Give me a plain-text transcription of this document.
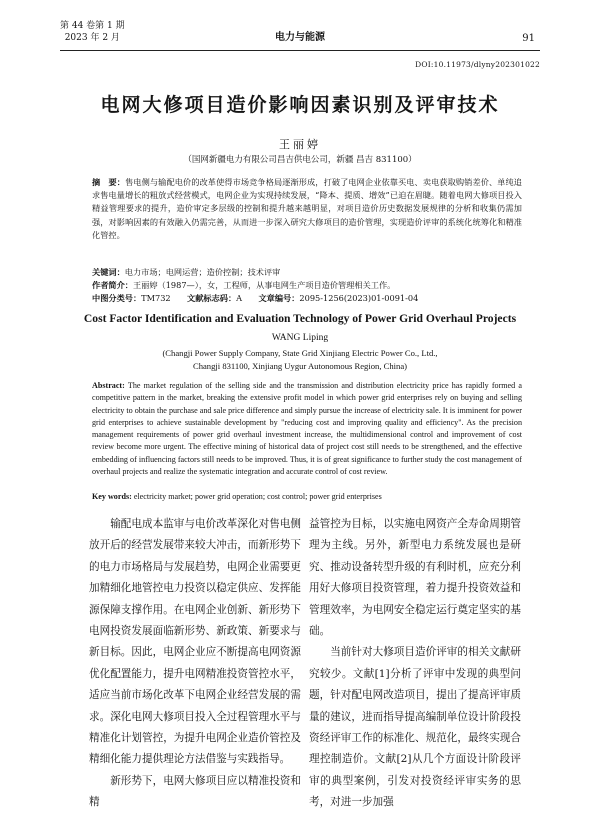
第 44 卷第 1 期
2023 年 2 月	电力与能源	91
DOI:10.11973/dlyny202301022
电网大修项目造价影响因素识别及评审技术
王丽婷
（国网新疆电力有限公司昌吉供电公司，新疆 昌吉 831100）
摘　要：售电侧与输配电价的改革使得市场竞争格局逐渐形成，打破了电网企业依靠买电、卖电获取购销差价、单纯追求售电量增长的粗放式经营模式，电网企业为实现持续发展，“降本、提质、增效”已迫在眉睫。随着电网大修项目投入精益管理要求的提升，造价审定多层级的控制和提升越来越明显，对项目造价历史数据发展规律的分析和收集仍需加强，对影响因素的有效融入仍需完善，从而进一步深入研究大修项目的造价管理，实现造价评审的系统化统筹化和精准化管控。
关键词：电力市场；电网运营；造价控制；技术评审
作者简介：王丽婷（1987—），女，工程师，从事电网生产项目造价管理相关工作。
中图分类号：TM732　　 文献标志码：A　　 文章编号：2095-1256(2023)01-0091-04
Cost Factor Identification and Evaluation Technology of Power Grid Overhaul Projects
WANG Liping
(Changji Power Supply Company, State Grid Xinjiang Electric Power Co., Ltd.,
Changji 831100, Xinjiang Uygur Autonomous Region, China)
Abstract: The market regulation of the selling side and the transmission and distribution electricity price has rapidly formed a competitive pattern in the market, breaking the extensive profit model in which power grid enterprises rely on buying and selling electricity to obtain the purchase and sale price difference and simply pursue the increase of electricity sale. It is imminent for power grid enterprises to achieve sustainable development by "reducing cost and improving quality and efficiency". As the precision management requirements of power grid overhaul investment increase, the multidimensional control and improvement of cost review become more urgent. The effective mining of historical data of project cost still needs to be strengthened, and the effective embedding of influencing factors still needs to be improved. Thus, it is of great significance to further study the cost management of overhaul projects and realize the systematic integration and accurate control of cost review.
Key words: electricity market; power grid operation; cost control; power grid enterprises

输配电成本监审与电价改革深化对售电侧放开后的经营发展带来较大冲击，而新形势下的电力市场格局与发展趋势，电网企业需要更加精细化地管控电力投资以稳定供应、发挥能源保障支撑作用。在电网企业创新、新形势下电网投资发展面临新形势、新政策、新要求与新目标。因此，电网企业应不断提高电网资源优化配置能力，提升电网精准投资管控水平，适应当前市场化改革下电网企业经营发展的需求。深化电网大修项目投入全过程管理水平与精准化计划管控，为提升电网企业造价管控及精细化能力提供理论方法借鉴与实践指导。

新形势下，电网大修项目应以精准投资和精

益管控为目标，以实施电网资产全寿命周期管理为主线。另外，新型电力系统发展也是研究、推动设备转型升级的有利时机，应充分利用好大修项目投资管理，着力提升投资效益和管理效率，为电网安全稳定运行奠定坚实的基础。

当前针对大修项目造价评审的相关文献研究较少。文献[1]分析了评审中发现的典型问题，针对配电网改造项目，提出了提高评审质量的建议，进而指导提高编制单位设计阶段投资经评审工作的标准化、规范化，最终实现合理控制造价。文献[2]从几个方面设计阶段评审的典型案例，引发对投资经评审实务的思考，对进一步加强
